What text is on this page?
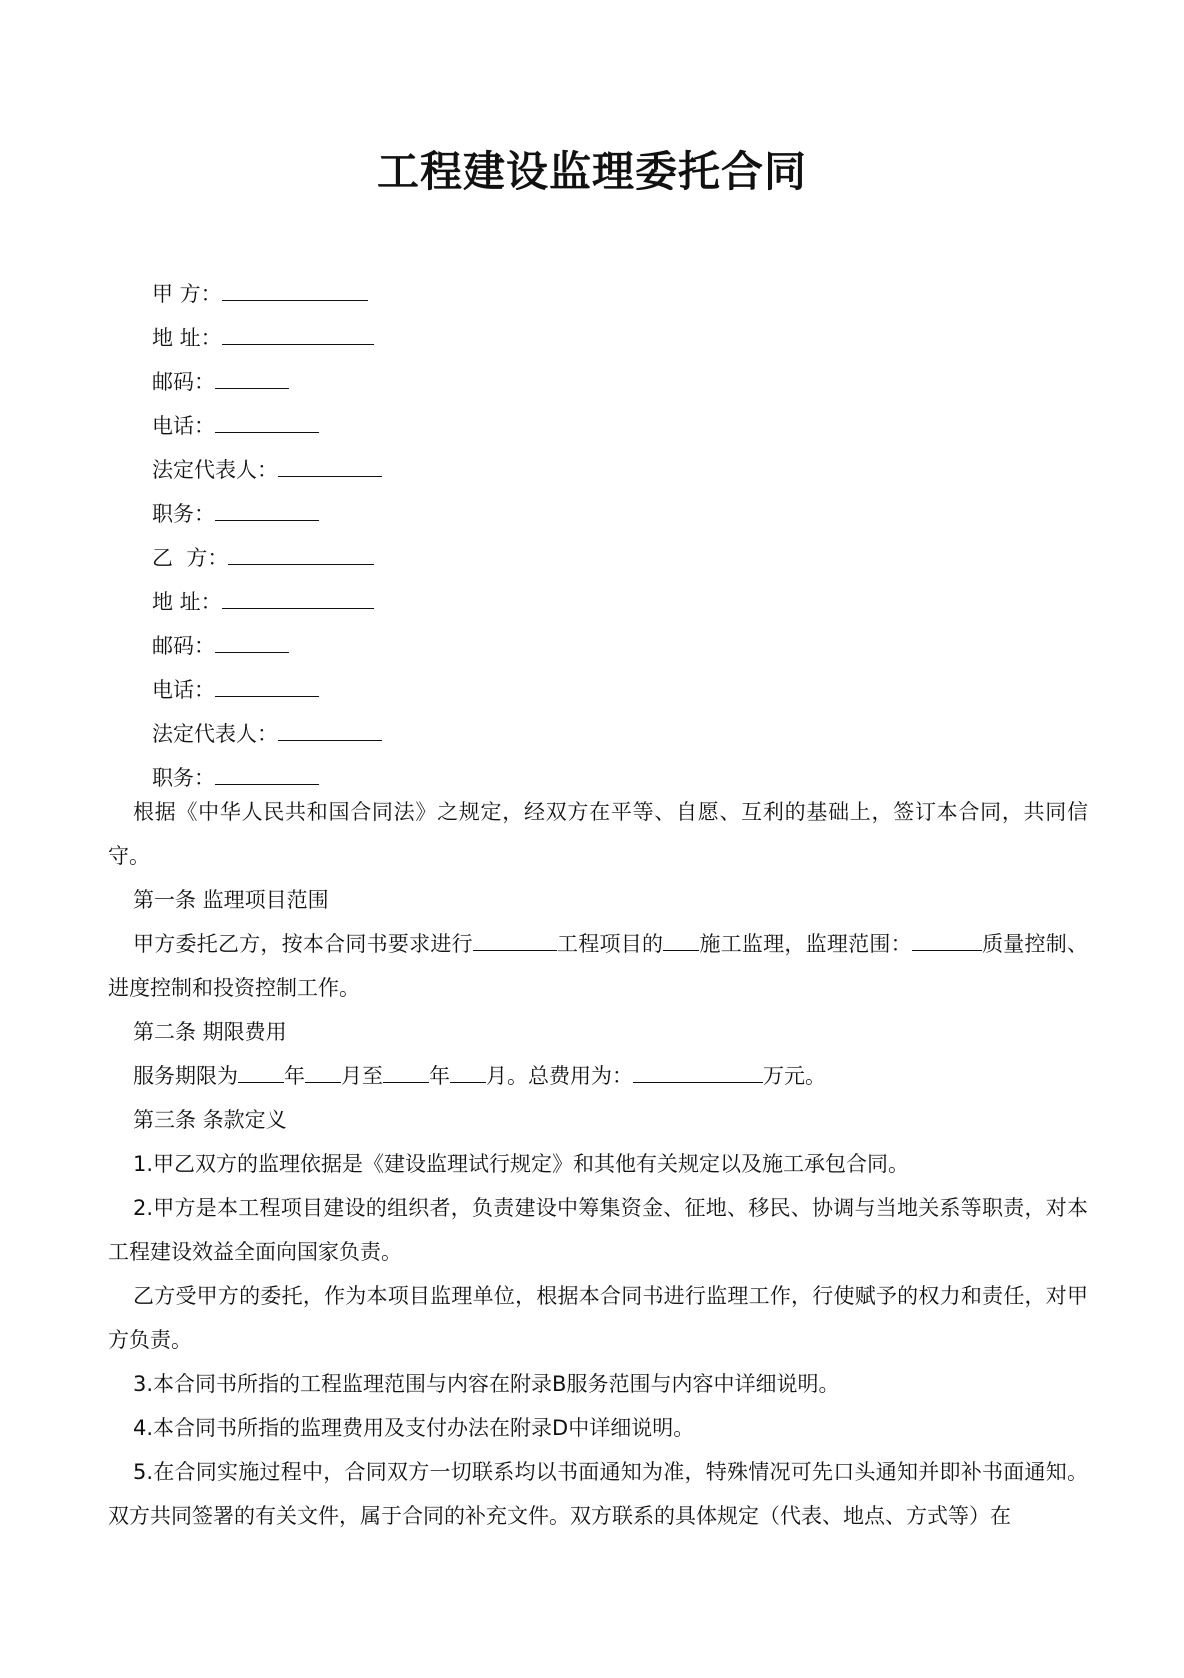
工程建设监理委托合同
甲 方：
地 址：
邮码：
电话：
法定代表人：
职务：
乙  方：
地 址：
邮码：
电话：
法定代表人：
职务：

根据《中华人民共和国合同法》之规定，经双方在平等、自愿、互利的基础上，签订本合同，共同信守。

第一条 监理项目范围

甲方委托乙方，按本合同书要求进行	工程项目的 施工监理，监理范围：	质量控制、进度控制和投资控制工作。

第二条 期限费用

服务期限为 年 月至 年 月。总费用为：	万元。

第三条 条款定义

1.甲乙双方的监理依据是《建设监理试行规定》和其他有关规定以及施工承包合同。

2.甲方是本工程项目建设的组织者，负责建设中筹集资金、征地、移民、协调与当地关系等职责，对本工程建设效益全面向国家负责。

乙方受甲方的委托，作为本项目监理单位，根据本合同书进行监理工作，行使赋予的权力和责任，对甲方负责。

3.本合同书所指的工程监理范围与内容在附录B服务范围与内容中详细说明。

4.本合同书所指的监理费用及支付办法在附录D中详细说明。

5.在合同实施过程中，合同双方一切联系均以书面通知为准，特殊情况可先口头通知并即补书面通知。双方共同签署的有关文件，属于合同的补充文件。双方联系的具体规定（代表、地点、方式等）在
